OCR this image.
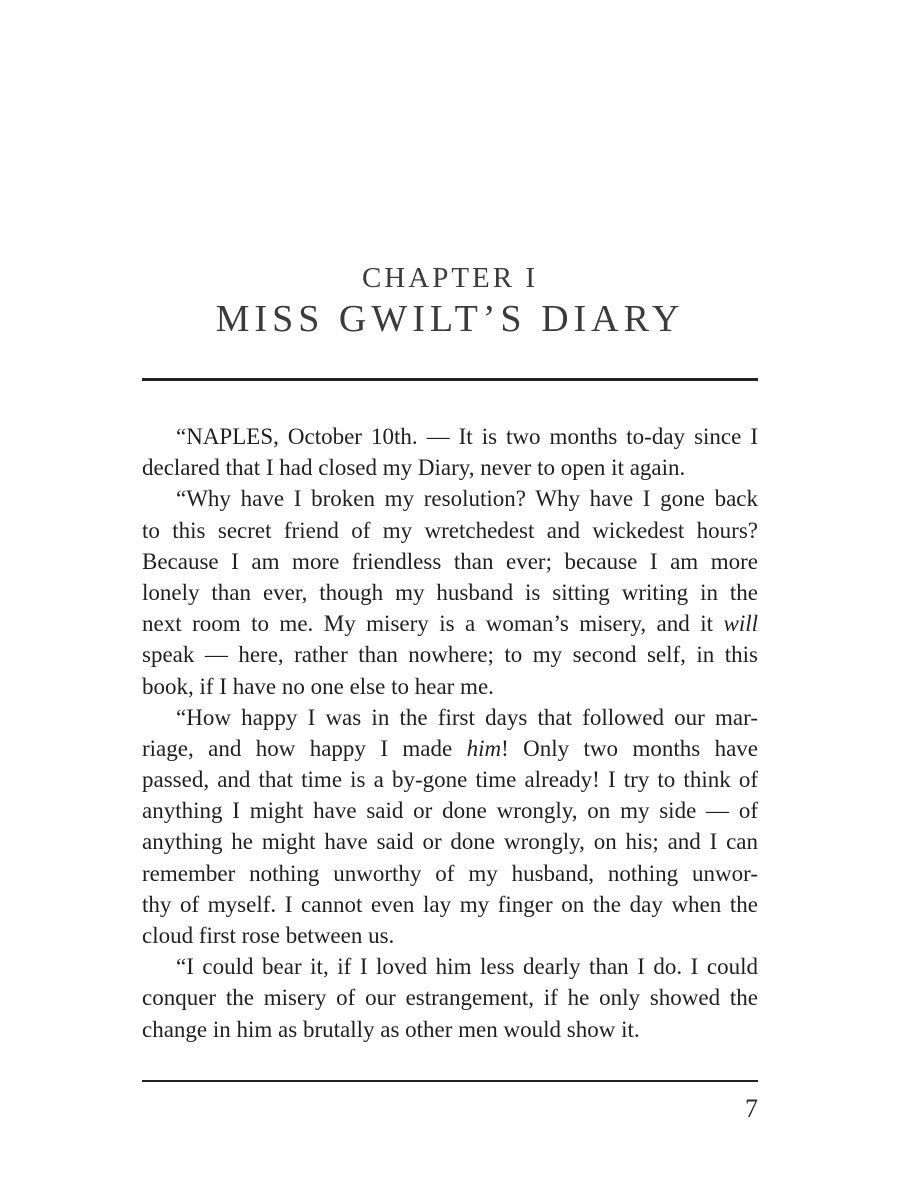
CHAPTER I
MISS GWILT’S DIARY
“NAPLES, October 10th. — It is two months to-day since I
declared that I had closed my Diary, never to open it again.
“Why have I broken my resolution? Why have I gone back
to this secret friend of my wretchedest and wickedest hours?
Because I am more friendless than ever; because I am more
lonely than ever, though my husband is sitting writing in the
next room to me. My misery is a woman’s misery, and it will
speak — here, rather than nowhere; to my second self, in this
book, if I have no one else to hear me.
“How happy I was in the first days that followed our mar-
riage, and how happy I made him! Only two months have
passed, and that time is a by-gone time already! I try to think of
anything I might have said or done wrongly, on my side — of
anything he might have said or done wrongly, on his; and I can
remember nothing unworthy of my husband, nothing unwor-
thy of myself. I cannot even lay my finger on the day when the
cloud first rose between us.
“I could bear it, if I loved him less dearly than I do. I could
conquer the misery of our estrangement, if he only showed the
change in him as brutally as other men would show it.
7
